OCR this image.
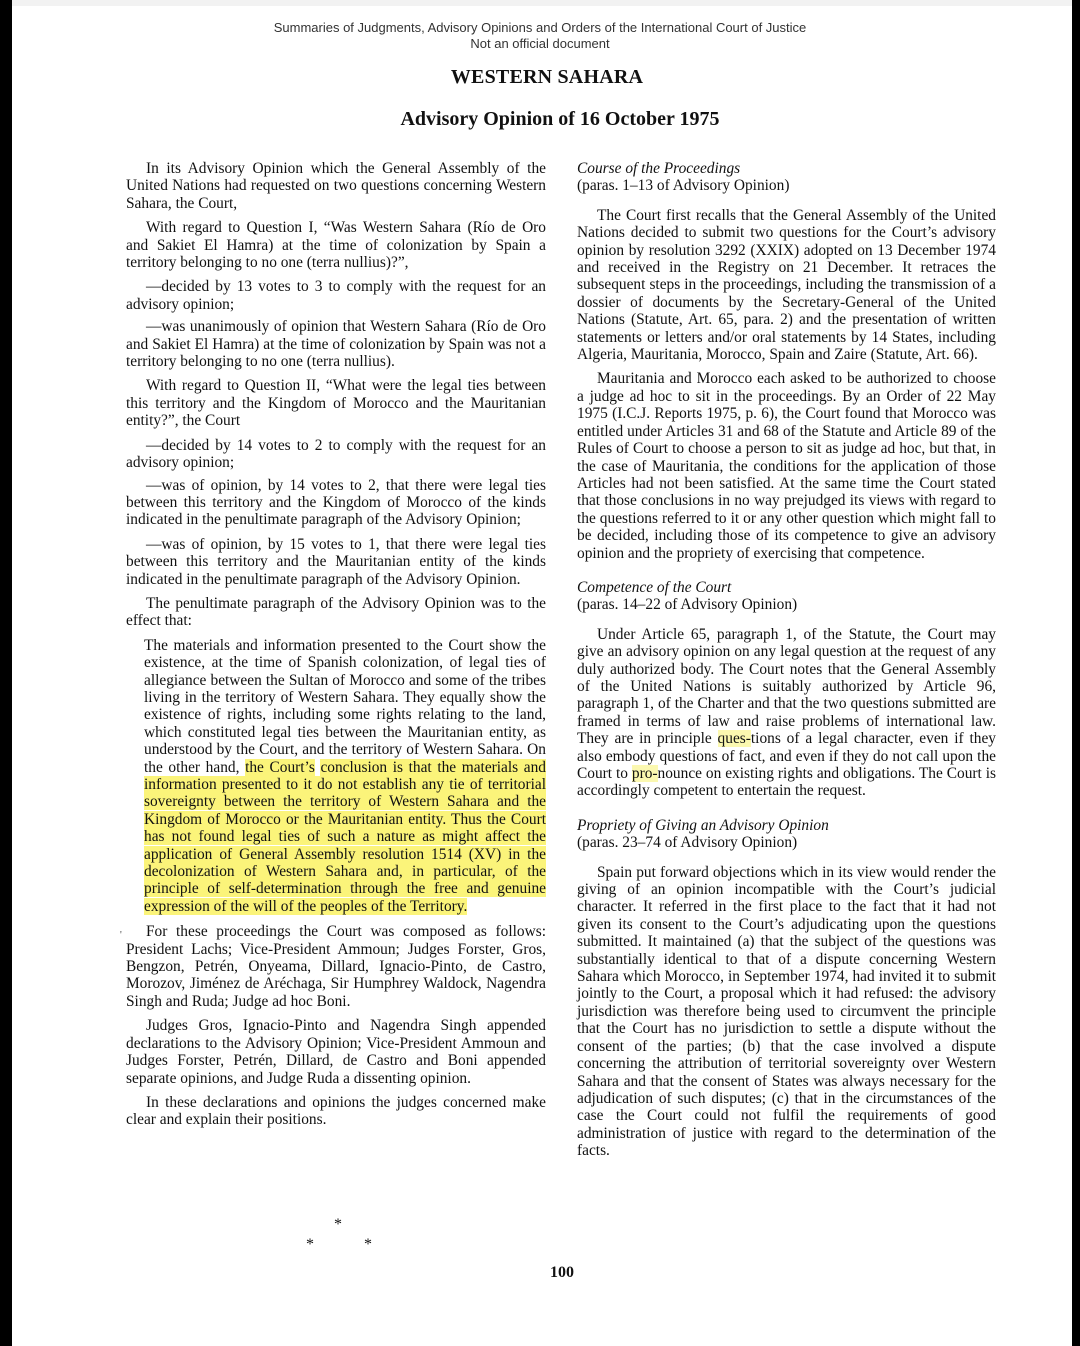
Summaries of Judgments, Advisory Opinions and Orders of the International Court of Justice
Not an official document
WESTERN SAHARA
Advisory Opinion of 16 October 1975

In its Advisory Opinion which the General Assembly of the United Nations had requested on two questions concerning Western Sahara, the Court,

With regard to Question I, “Was Western Sahara (Río de Oro and Sakiet El Hamra) at the time of colonization by Spain a territory belonging to no one (terra nullius)?”,

—decided by 13 votes to 3 to comply with the request for an advisory opinion;

—was unanimously of opinion that Western Sahara (Río de Oro and Sakiet El Hamra) at the time of colonization by Spain was not a territory belonging to no one (terra nullius).

With regard to Question II, “What were the legal ties between this territory and the Kingdom of Morocco and the Mauritanian entity?”, the Court

—decided by 14 votes to 2 to comply with the request for an advisory opinion;

—was of opinion, by 14 votes to 2, that there were legal ties between this territory and the Kingdom of Morocco of the kinds indicated in the penultimate paragraph of the Advisory Opinion;

—was of opinion, by 15 votes to 1, that there were legal ties between this territory and the Mauritanian entity of the kinds indicated in the penultimate paragraph of the Advisory Opinion.

The penultimate paragraph of the Advisory Opinion was to the effect that:

The materials and information presented to the Court show the existence, at the time of Spanish colonization, of legal ties of allegiance between the Sultan of Morocco and some of the tribes living in the territory of Western Sahara. They equally show the existence of rights, including some rights relating to the land, which constituted legal ties between the Mauritanian entity, as understood by the Court, and the territory of Western Sahara. On the other hand, the Court’s conclusion is that the materials and information presented to it do not establish any tie of territorial sovereignty between the territory of Western Sahara and the Kingdom of Morocco or the Mauritanian entity. Thus the Court has not found legal ties of such a nature as might affect the application of General Assembly resolution 1514 (XV) in the decolonization of Western Sahara and, in particular, of the principle of self-determination through the free and genuine expression of the will of the peoples of the Territory.

For these proceedings the Court was composed as follows: President Lachs; Vice-President Ammoun; Judges Forster, Gros, Bengzon, Petrén, Onyeama, Dillard, Ignacio-Pinto, de Castro, Morozov, Jiménez de Aréchaga, Sir Humphrey Waldock, Nagendra Singh and Ruda; Judge ad hoc Boni.

Judges Gros, Ignacio-Pinto and Nagendra Singh appended declarations to the Advisory Opinion; Vice-President Ammoun and Judges Forster, Petrén, Dillard, de Castro and Boni appended separate opinions, and Judge Ruda a dissenting opinion.

In these declarations and opinions the judges concerned make clear and explain their positions.

'
*
*	*
Course of the Proceedings
(paras. 1–13 of Advisory Opinion)

The Court first recalls that the General Assembly of the United Nations decided to submit two questions for the Court’s advisory opinion by resolution 3292 (XXIX) adopted on 13 December 1974 and received in the Registry on 21 December. It retraces the subsequent steps in the proceedings, including the transmission of a dossier of documents by the Secretary-General of the United Nations (Statute, Art. 65, para. 2) and the presentation of written statements or letters and/or oral statements by 14 States, including Algeria, Mauritania, Morocco, Spain and Zaire (Statute, Art. 66).

Mauritania and Morocco each asked to be authorized to choose a judge ad hoc to sit in the proceedings. By an Order of 22 May 1975 (I.C.J. Reports 1975, p. 6), the Court found that Morocco was entitled under Articles 31 and 68 of the Statute and Article 89 of the Rules of Court to choose a person to sit as judge ad hoc, but that, in the case of Mauritania, the conditions for the application of those Articles had not been satisfied. At the same time the Court stated that those conclusions in no way prejudged its views with regard to the questions referred to it or any other question which might fall to be decided, including those of its competence to give an advisory opinion and the propriety of exercising that competence.

Competence of the Court
(paras. 14–22 of Advisory Opinion)

Under Article 65, paragraph 1, of the Statute, the Court may give an advisory opinion on any legal question at the request of any duly authorized body. The Court notes that the General Assembly of the United Nations is suitably authorized by Article 96, paragraph 1, of the Charter and that the two questions submitted are framed in terms of law and raise problems of international law. They are in principle ques-tions of a legal character, even if they also embody questions of fact, and even if they do not call upon the Court to pro-nounce on existing rights and obligations. The Court is accordingly competent to entertain the request.

Propriety of Giving an Advisory Opinion
(paras. 23–74 of Advisory Opinion)

Spain put forward objections which in its view would render the giving of an opinion incompatible with the Court’s judicial character. It referred in the first place to the fact that it had not given its consent to the Court’s adjudicating upon the questions submitted. It maintained (a) that the subject of the questions was substantially identical to that of a dispute concerning Western Sahara which Morocco, in September 1974, had invited it to submit jointly to the Court, a proposal which it had refused: the advisory jurisdiction was therefore being used to circumvent the principle that the Court has no jurisdiction to settle a dispute without the consent of the parties; (b) that the case involved a dispute concerning the attribution of territorial sovereignty over Western Sahara and that the consent of States was always necessary for the adjudication of such disputes; (c) that in the circumstances of the case the Court could not fulfil the requirements of good administration of justice with regard to the determination of the facts.

100
